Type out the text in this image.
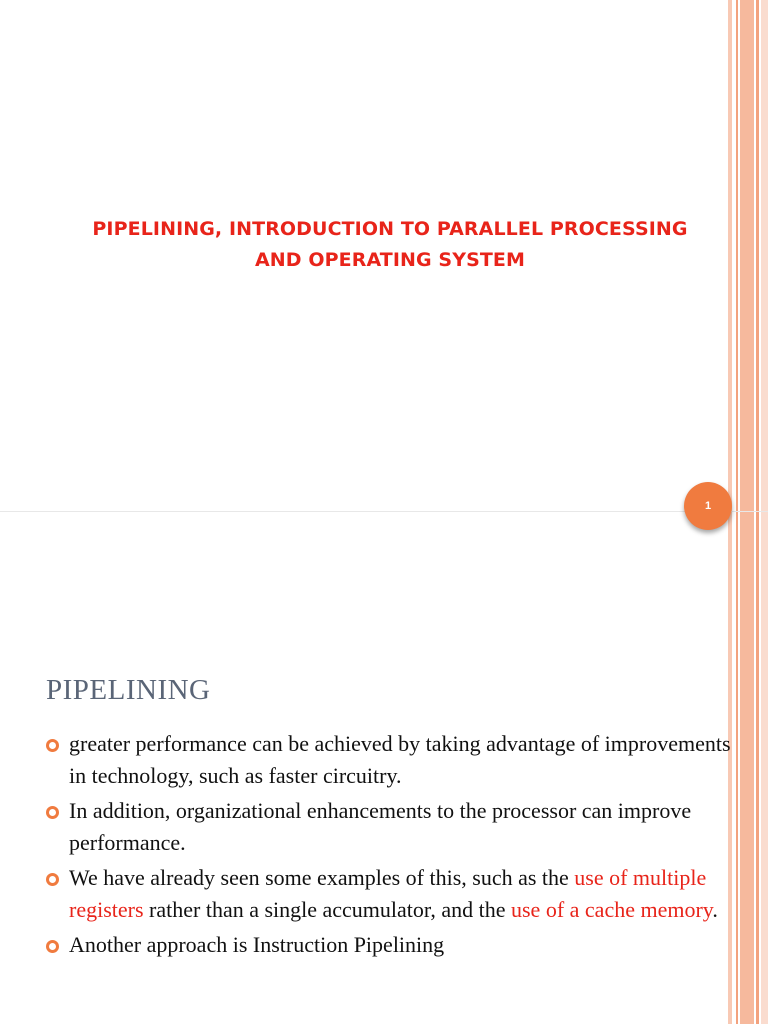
PIPELINING, INTRODUCTION TO PARALLEL PROCESSING
AND OPERATING SYSTEM
1
PIPELINING
greater performance can be achieved by taking advantage of improvements in technology, such as faster circuitry.
In addition, organizational enhancements to the processor can improve performance.
We have already seen some examples of this, such as the use of multiple registers rather than a single accumulator, and the use of a cache memory.
Another approach is Instruction Pipelining
